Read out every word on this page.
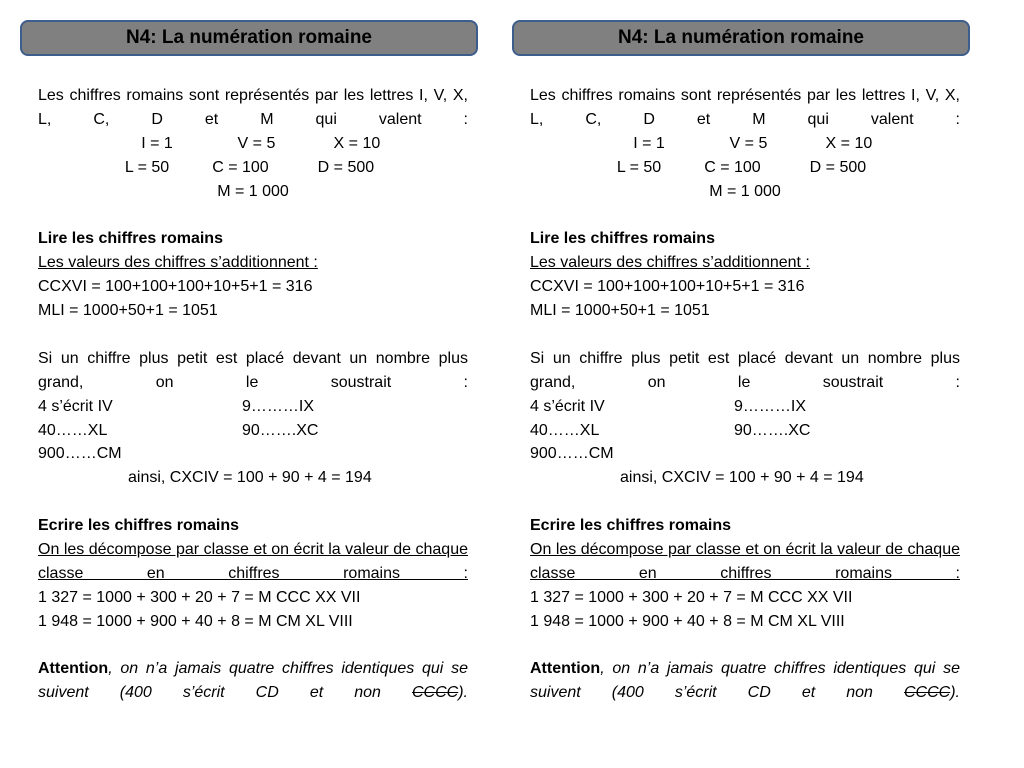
N4: La numération romaine
Les chiffres romains sont représentés par les lettres I, V, X, L, C, D et M qui valent :
I = 1	V = 5	X = 10
L = 50	C = 100	D = 500
M = 1 000
Lire les chiffres romains
Les valeurs des chiffres s’additionnent :
CCXVI = 100+100+100+10+5+1 = 316
MLI = 1000+50+1 = 1051
Si un chiffre plus petit est placé devant un nombre plus grand, on le soustrait :
4 s’écrit IV	9………IX
40……XL	90…….XC
900……CM
ainsi, CXCIV = 100 + 90 + 4 = 194
Ecrire les chiffres romains
On les décompose par classe et on écrit la valeur de chaque classe en chiffres romains :
1 327 = 1000 + 300 + 20 + 7 = M CCC XX VII
1 948 = 1000 + 900 + 40 + 8 = M CM XL VIII
Attention, on n’a jamais quatre chiffres identiques qui se suivent (400 s’écrit CD et non CCCC).
N4: La numération romaine
Les chiffres romains sont représentés par les lettres I, V, X, L, C, D et M qui valent :
I = 1	V = 5	X = 10
L = 50	C = 100	D = 500
M = 1 000
Lire les chiffres romains
Les valeurs des chiffres s’additionnent :
CCXVI = 100+100+100+10+5+1 = 316
MLI = 1000+50+1 = 1051
Si un chiffre plus petit est placé devant un nombre plus grand, on le soustrait :
4 s’écrit IV	9………IX
40……XL	90…….XC
900……CM
ainsi, CXCIV = 100 + 90 + 4 = 194
Ecrire les chiffres romains
On les décompose par classe et on écrit la valeur de chaque classe en chiffres romains :
1 327 = 1000 + 300 + 20 + 7 = M CCC XX VII
1 948 = 1000 + 900 + 40 + 8 = M CM XL VIII
Attention, on n’a jamais quatre chiffres identiques qui se suivent (400 s’écrit CD et non CCCC).
